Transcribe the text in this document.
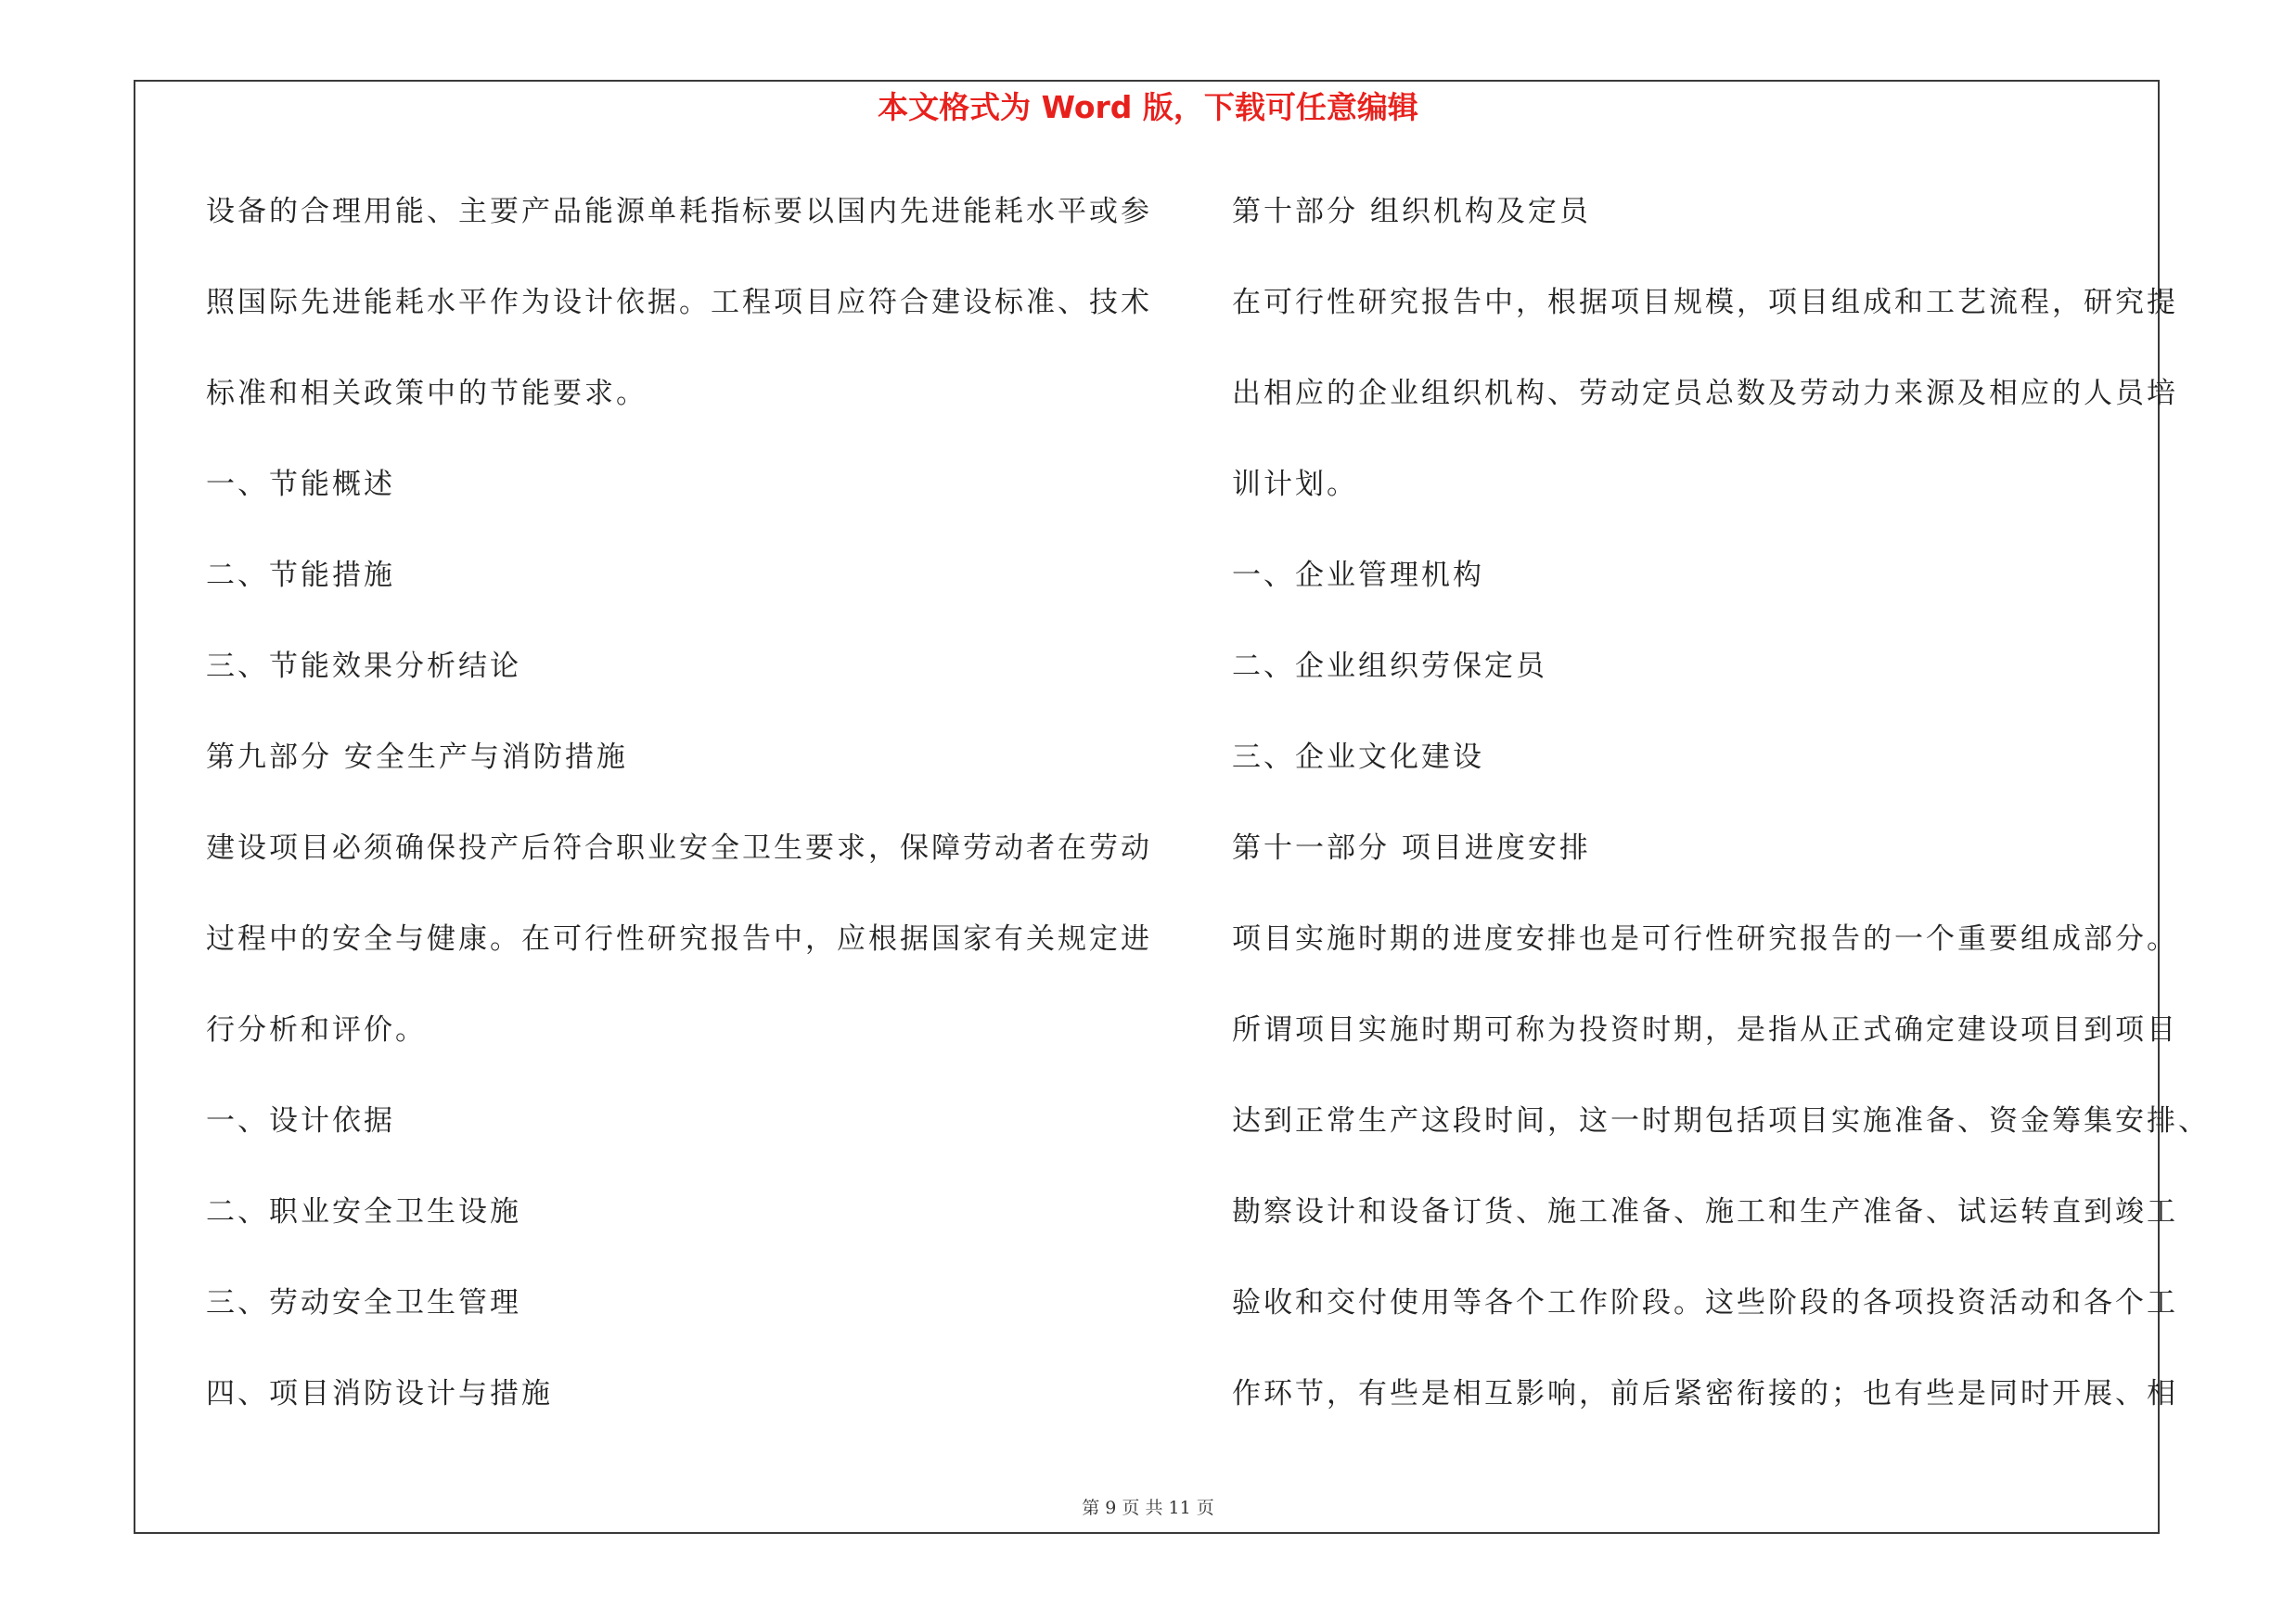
本文格式为 Word 版，下载可任意编辑
设备的合理用能、主要产品能源单耗指标要以国内先进能耗水平或参
照国际先进能耗水平作为设计依据。工程项目应符合建设标准、技术
标准和相关政策中的节能要求。
一、节能概述
二、节能措施
三、节能效果分析结论
第九部分 安全生产与消防措施
建设项目必须确保投产后符合职业安全卫生要求，保障劳动者在劳动
过程中的安全与健康。在可行性研究报告中，应根据国家有关规定进
行分析和评价。
一、设计依据
二、职业安全卫生设施
三、劳动安全卫生管理
四、项目消防设计与措施
第十部分 组织机构及定员
在可行性研究报告中，根据项目规模，项目组成和工艺流程，研究提
出相应的企业组织机构、劳动定员总数及劳动力来源及相应的人员培
训计划。
一、企业管理机构
二、企业组织劳保定员
三、企业文化建设
第十一部分 项目进度安排
项目实施时期的进度安排也是可行性研究报告的一个重要组成部分。
所谓项目实施时期可称为投资时期，是指从正式确定建设项目到项目
达到正常生产这段时间，这一时期包括项目实施准备、资金筹集安排、
勘察设计和设备订货、施工准备、施工和生产准备、试运转直到竣工
验收和交付使用等各个工作阶段。这些阶段的各项投资活动和各个工
作环节，有些是相互影响，前后紧密衔接的；也有些是同时开展、相
第 9 页 共 11 页
